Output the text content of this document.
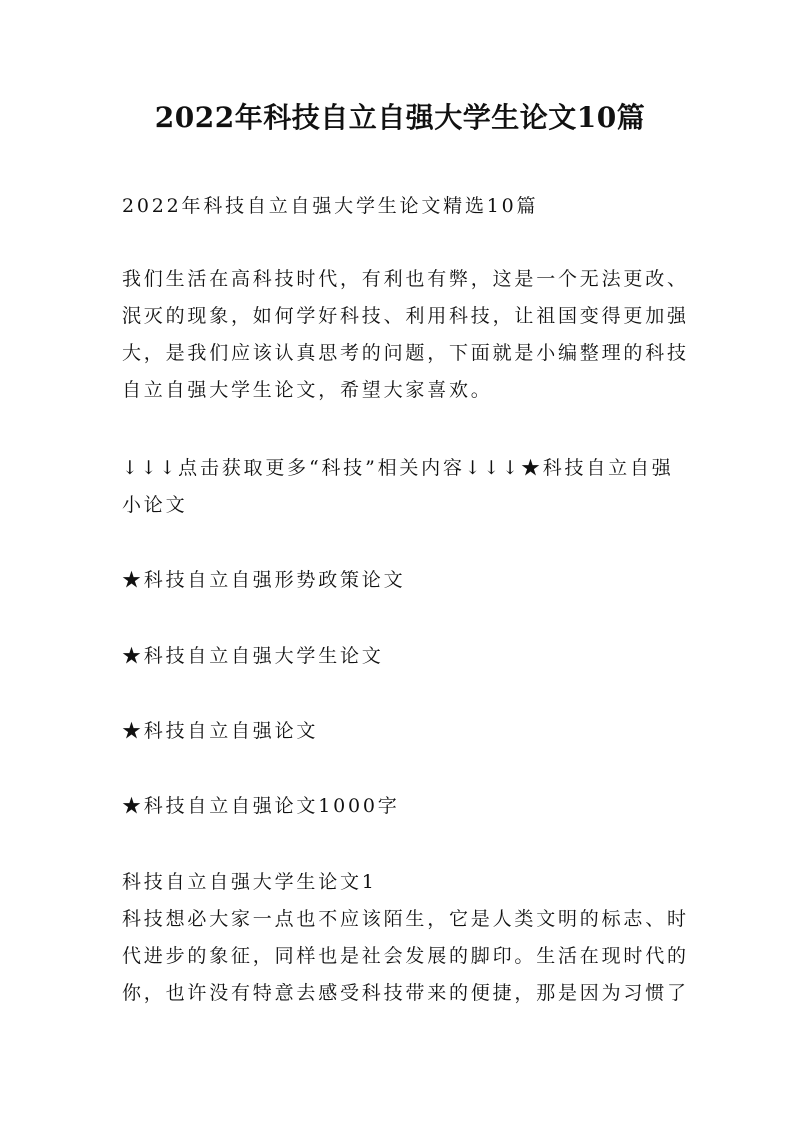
2022年科技自立自强大学生论文10篇

2022年科技自立自强大学生论文精选10篇

我们生活在高科技时代，有利也有弊，这是一个无法更改、泯灭的现象，如何学好科技、利用科技，让祖国变得更加强大，是我们应该认真思考的问题，下面就是小编整理的科技自立自强大学生论文，希望大家喜欢。

↓↓↓点击获取更多“科技”相关内容↓↓↓★科技自立自强小论文

★科技自立自强形势政策论文

★科技自立自强大学生论文

★科技自立自强论文

★科技自立自强论文1000字

科技自立自强大学生论文1

科技想必大家一点也不应该陌生，它是人类文明的标志、时代进步的象征，同样也是社会发展的脚印。生活在现时代的你，也许没有特意去感受科技带来的便捷，那是因为习惯了
